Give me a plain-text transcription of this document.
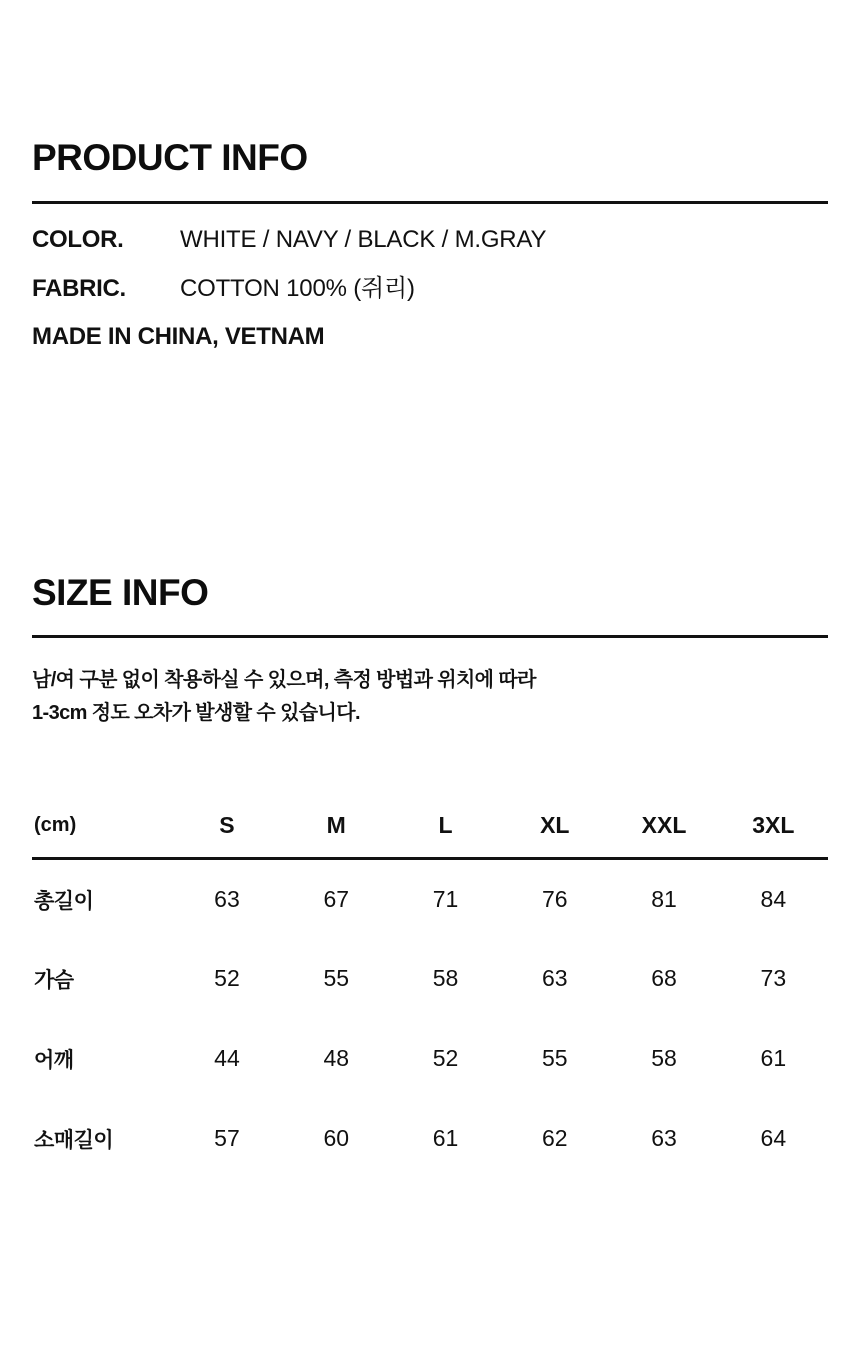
PRODUCT INFO
COLOR.	WHITE / NAVY / BLACK / M.GRAY
FABRIC.	COTTON 100% (쥐리)
MADE IN CHINA, VETNAM
SIZE INFO
남/여 구분 없이 착용하실 수 있으며, 측정 방법과 위치에 따라
1-3cm 정도 오차가 발생할 수 있습니다.
(cm)	S	M	L	XL	XXL	3XL
총길이	63	67	71	76	81	84
가슴	52	55	58	63	68	73
어깨	44	48	52	55	58	61
소매길이	57	60	61	62	63	64
